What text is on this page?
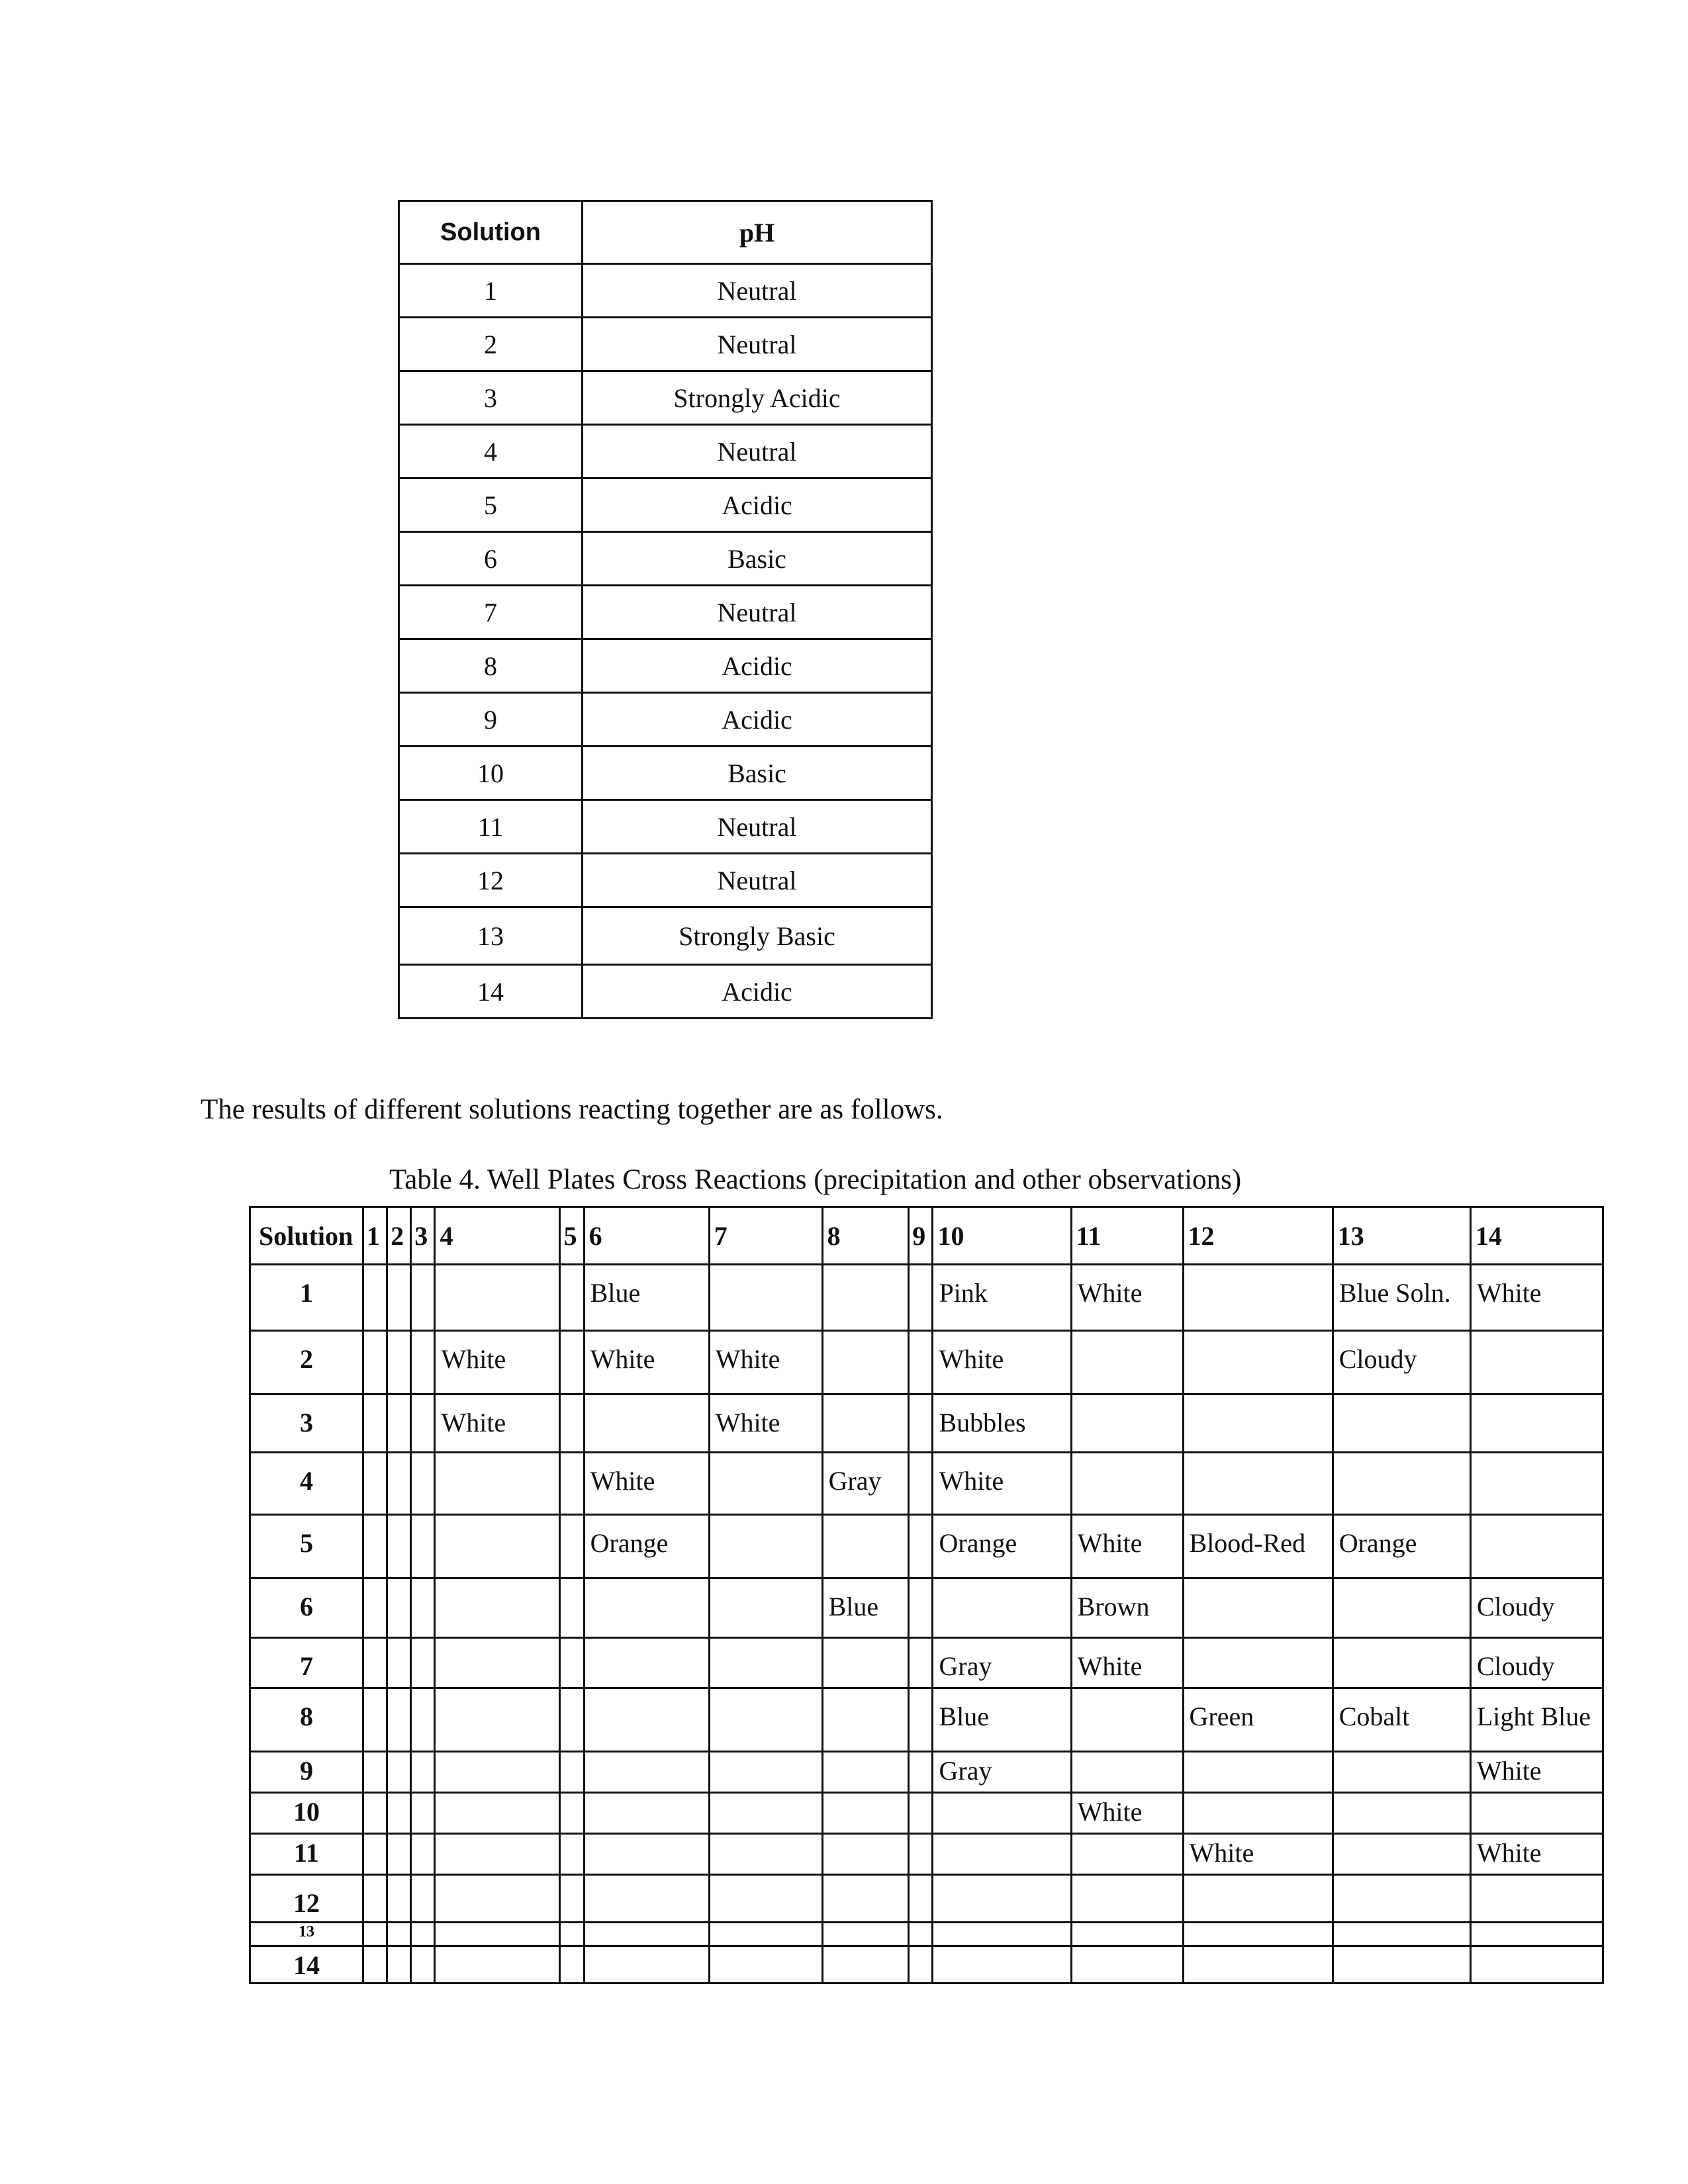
Solution	pH
1	Neutral
2	Neutral
3	Strongly Acidic
4	Neutral
5	Acidic
6	Basic
7	Neutral
8	Acidic
9	Acidic
10	Basic
11	Neutral
12	Neutral
13	Strongly Basic
14	Acidic
The results of different solutions reacting together are as follows.
Table 4. Well Plates Cross Reactions (precipitation and other observations)
Solution	1	2	3	4	5	6	7	8	9	10	11	12	13	14
1						Blue				Pink	White		Blue Soln.	White
2				White		White	White			White			Cloudy	
3				White			White			Bubbles				
4						White		Gray		White				
5						Orange				Orange	White	Blood-Red	Orange	
6								Blue			Brown			Cloudy
7										Gray	White			Cloudy
8										Blue		Green	Cobalt	Light Blue
9										Gray				White
10											White			
11												White		White
12														
13														
14														
